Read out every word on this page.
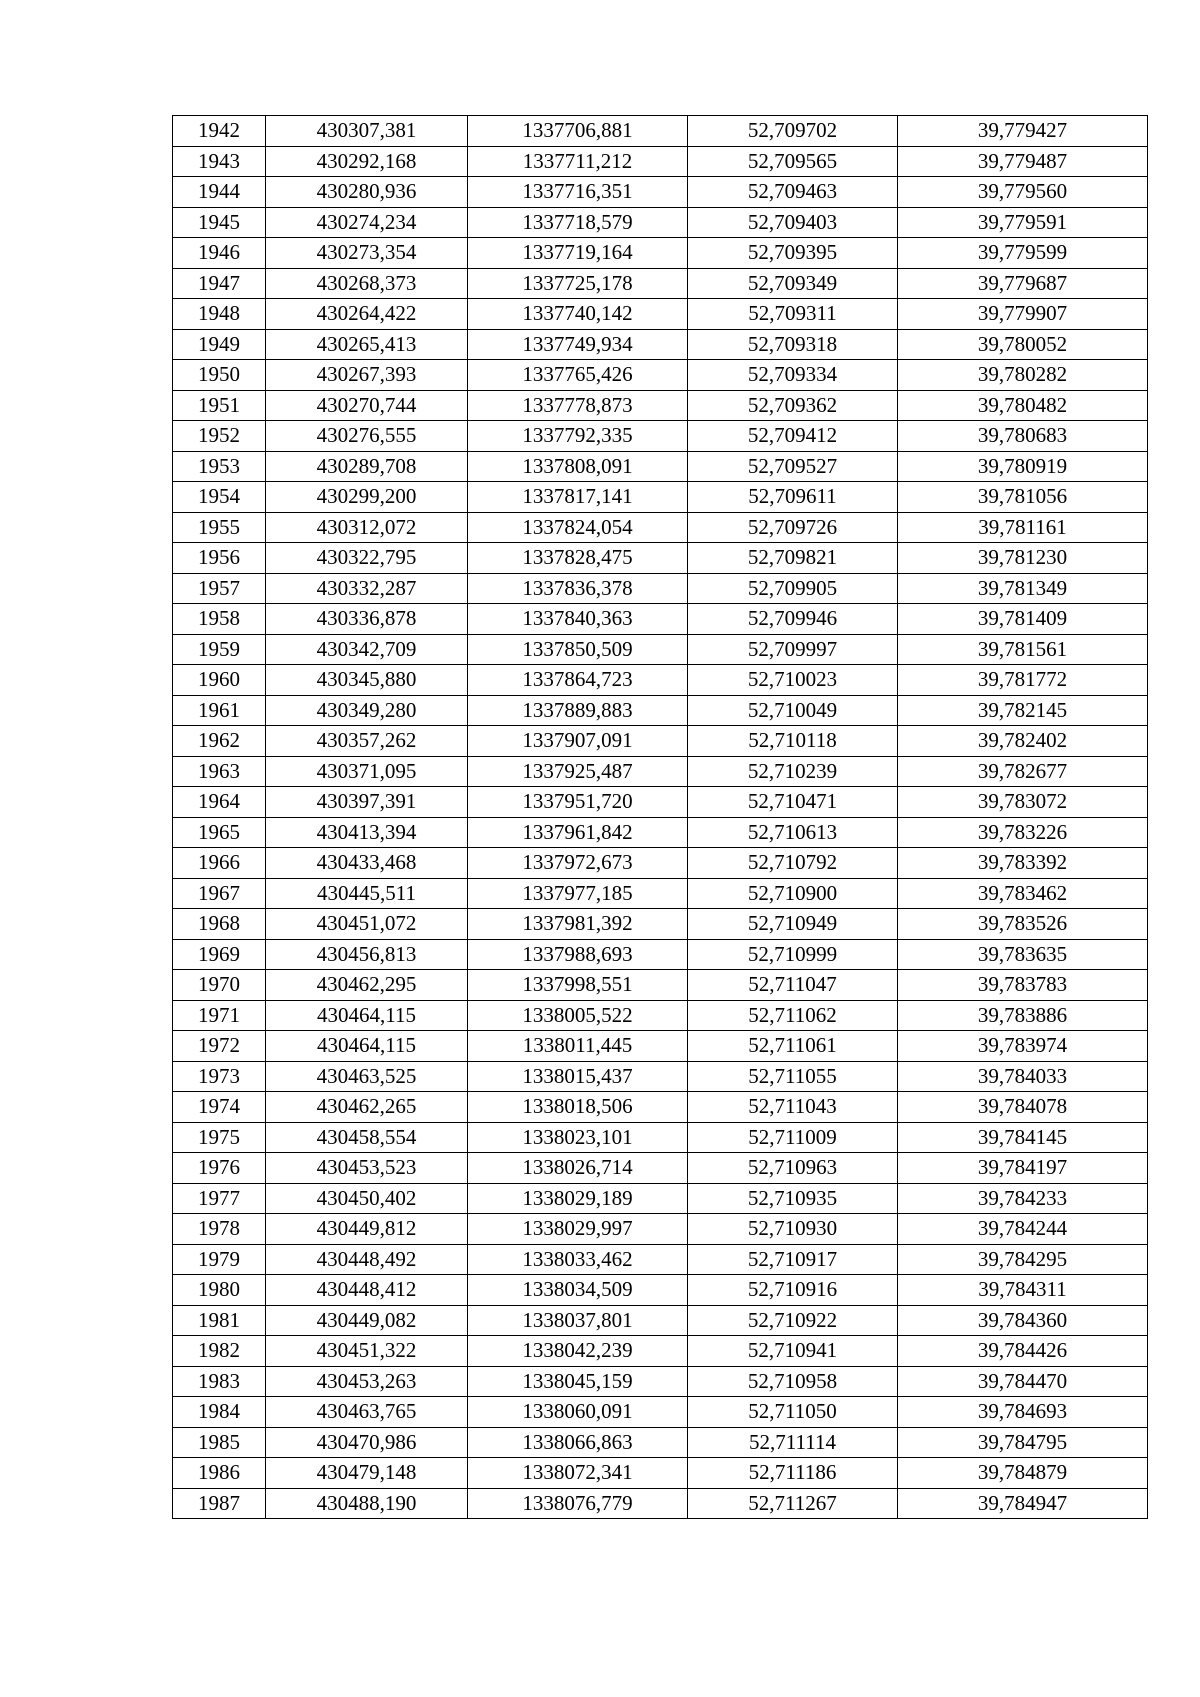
1942	430307,381	1337706,881	52,709702	39,779427
1943	430292,168	1337711,212	52,709565	39,779487
1944	430280,936	1337716,351	52,709463	39,779560
1945	430274,234	1337718,579	52,709403	39,779591
1946	430273,354	1337719,164	52,709395	39,779599
1947	430268,373	1337725,178	52,709349	39,779687
1948	430264,422	1337740,142	52,709311	39,779907
1949	430265,413	1337749,934	52,709318	39,780052
1950	430267,393	1337765,426	52,709334	39,780282
1951	430270,744	1337778,873	52,709362	39,780482
1952	430276,555	1337792,335	52,709412	39,780683
1953	430289,708	1337808,091	52,709527	39,780919
1954	430299,200	1337817,141	52,709611	39,781056
1955	430312,072	1337824,054	52,709726	39,781161
1956	430322,795	1337828,475	52,709821	39,781230
1957	430332,287	1337836,378	52,709905	39,781349
1958	430336,878	1337840,363	52,709946	39,781409
1959	430342,709	1337850,509	52,709997	39,781561
1960	430345,880	1337864,723	52,710023	39,781772
1961	430349,280	1337889,883	52,710049	39,782145
1962	430357,262	1337907,091	52,710118	39,782402
1963	430371,095	1337925,487	52,710239	39,782677
1964	430397,391	1337951,720	52,710471	39,783072
1965	430413,394	1337961,842	52,710613	39,783226
1966	430433,468	1337972,673	52,710792	39,783392
1967	430445,511	1337977,185	52,710900	39,783462
1968	430451,072	1337981,392	52,710949	39,783526
1969	430456,813	1337988,693	52,710999	39,783635
1970	430462,295	1337998,551	52,711047	39,783783
1971	430464,115	1338005,522	52,711062	39,783886
1972	430464,115	1338011,445	52,711061	39,783974
1973	430463,525	1338015,437	52,711055	39,784033
1974	430462,265	1338018,506	52,711043	39,784078
1975	430458,554	1338023,101	52,711009	39,784145
1976	430453,523	1338026,714	52,710963	39,784197
1977	430450,402	1338029,189	52,710935	39,784233
1978	430449,812	1338029,997	52,710930	39,784244
1979	430448,492	1338033,462	52,710917	39,784295
1980	430448,412	1338034,509	52,710916	39,784311
1981	430449,082	1338037,801	52,710922	39,784360
1982	430451,322	1338042,239	52,710941	39,784426
1983	430453,263	1338045,159	52,710958	39,784470
1984	430463,765	1338060,091	52,711050	39,784693
1985	430470,986	1338066,863	52,711114	39,784795
1986	430479,148	1338072,341	52,711186	39,784879
1987	430488,190	1338076,779	52,711267	39,784947
